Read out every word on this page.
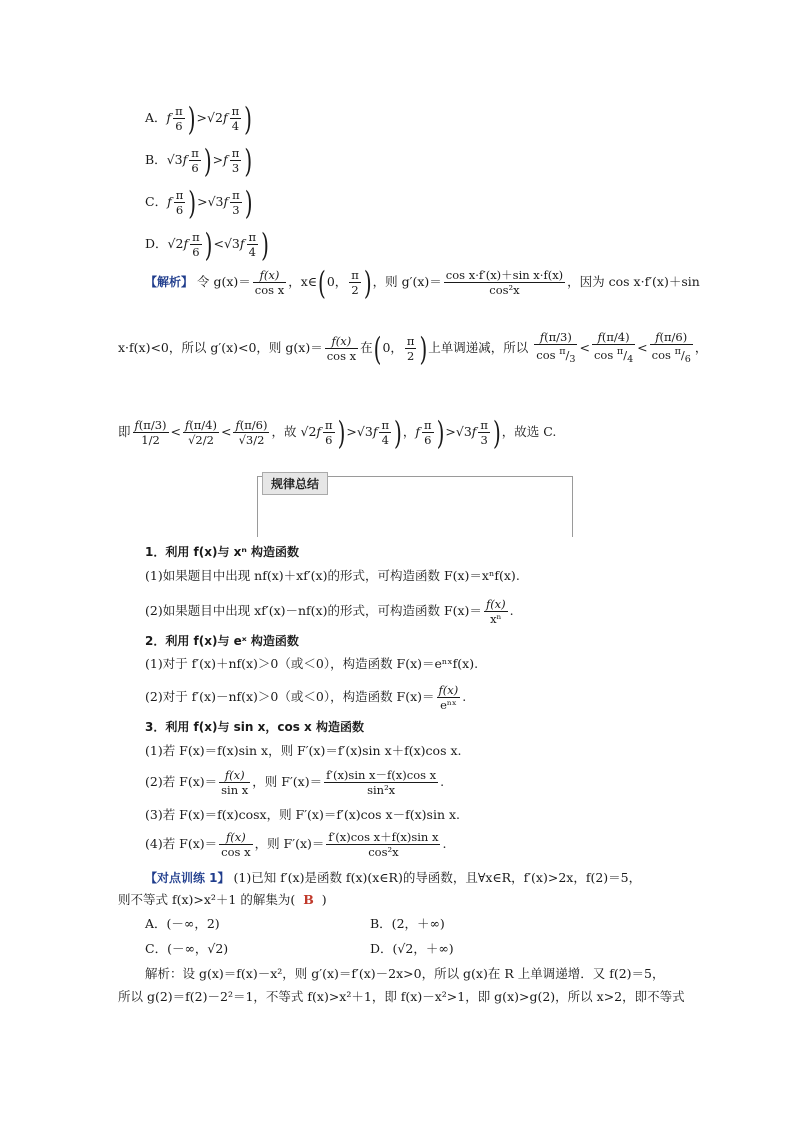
A．f $\frac{\pi}{6} )>√2f \frac{\pi}{4}$ )
B．$√3f \frac{\pi}{6} )>f \frac{\pi}{3}$ )
C．f $\frac{\pi}{6} )>√3f \frac{\pi}{3}$ )
D．$√2f \frac{\pi}{6} )<√3f \frac{\pi}{4}$ )
【解析】 令 $g(x)= \frac{f(x)}{\text{cos x}}$ ，x∈(0， $\frac{\pi}{2}$ )，则 $g'(x)= \frac{\text{cos x·f′(x)＋sin x·f(x)}}{\text{cos²x}}$ ，因为 cos x·f′(x)＋sin
x·f(x)<0，所以 g′(x)<0，则 $g(x)= \frac{f(x)}{\text{cos x}}$ 在(0， $\frac{\pi}{2}$ )上单调递减，所以 $\frac{f(\pi/3)}{\cos ^\pi/_3} < \frac{f(\pi/4)}{\cos ^\pi/_4} < \frac{f(\pi/6)}{\cos ^\pi/_6}$ ，
即 $\frac{f(\pi/3)}{1/2} < \frac{f(\pi/4)}{√2/2} < \frac{f(\pi/6)}{√3/2}$ ，故 $√2f \frac{\pi}{6} )>√3f \frac{\pi}{4}$ )，f $\frac{\pi}{6} )>√3f \frac{\pi}{3}$ )，故选 C.
规律总结
1．利用 f(x)与 xⁿ 构造函数
(1)如果题目中出现 nf(x)＋xf′(x)的形式，可构造函数 F(x)＝xⁿf(x).
(2)如果题目中出现 xf′(x)－nf(x)的形式，可构造函数 $F(x)= \frac{f(x)}{\text{xⁿ}}$ .
2．利用 f(x)与 eˣ 构造函数
(1)对于 f′(x)＋nf(x)＞0（或＜0），构造函数 F(x)＝eⁿˣf(x).
(2)对于 f′(x)－nf(x)＞0（或＜0），构造函数 $F(x)= \frac{f(x)}{\text{eⁿˣ}}$ .
3．利用 f(x)与 sin x，cos x 构造函数
(1)若 F(x)＝f(x)sin x，则 F′(x)＝f′(x)sin x＋f(x)cos x.
(2)若 $F(x)= \frac{f(x)}{\text{sin x}}$ ，则 $F'(x)= \frac{\text{f′(x)sin x－f(x)cos x}}{\text{sin²x}}$ .
(3)若 F(x)＝f(x)cosx，则 F′(x)＝f′(x)cos x－f(x)sin x.
(4)若 $F(x)= \frac{f(x)}{\text{cos x}}$ ，则 $F'(x)= \frac{\text{f′(x)cos x＋f(x)sin x}}{\text{cos²x}}$ .
【对点训练 1】 (1)已知 f′(x)是函数 f(x)(x∈R)的导函数，且∀x∈R，f′(x)>2x，f(2)＝5，
则不等式 f(x)>x²＋1 的解集为( B )
A．(－∞，2)	B．(2，＋∞)
C．(－∞，√2)	D．(√2，＋∞)
解析：设 g(x)＝f(x)－x²，则 g′(x)＝f′(x)－2x>0，所以 g(x)在 R 上单调递增．又 f(2)＝5，
所以 g(2)＝f(2)－2²＝1，不等式 f(x)>x²＋1，即 f(x)－x²>1，即 g(x)>g(2)，所以 x>2，即不等式
